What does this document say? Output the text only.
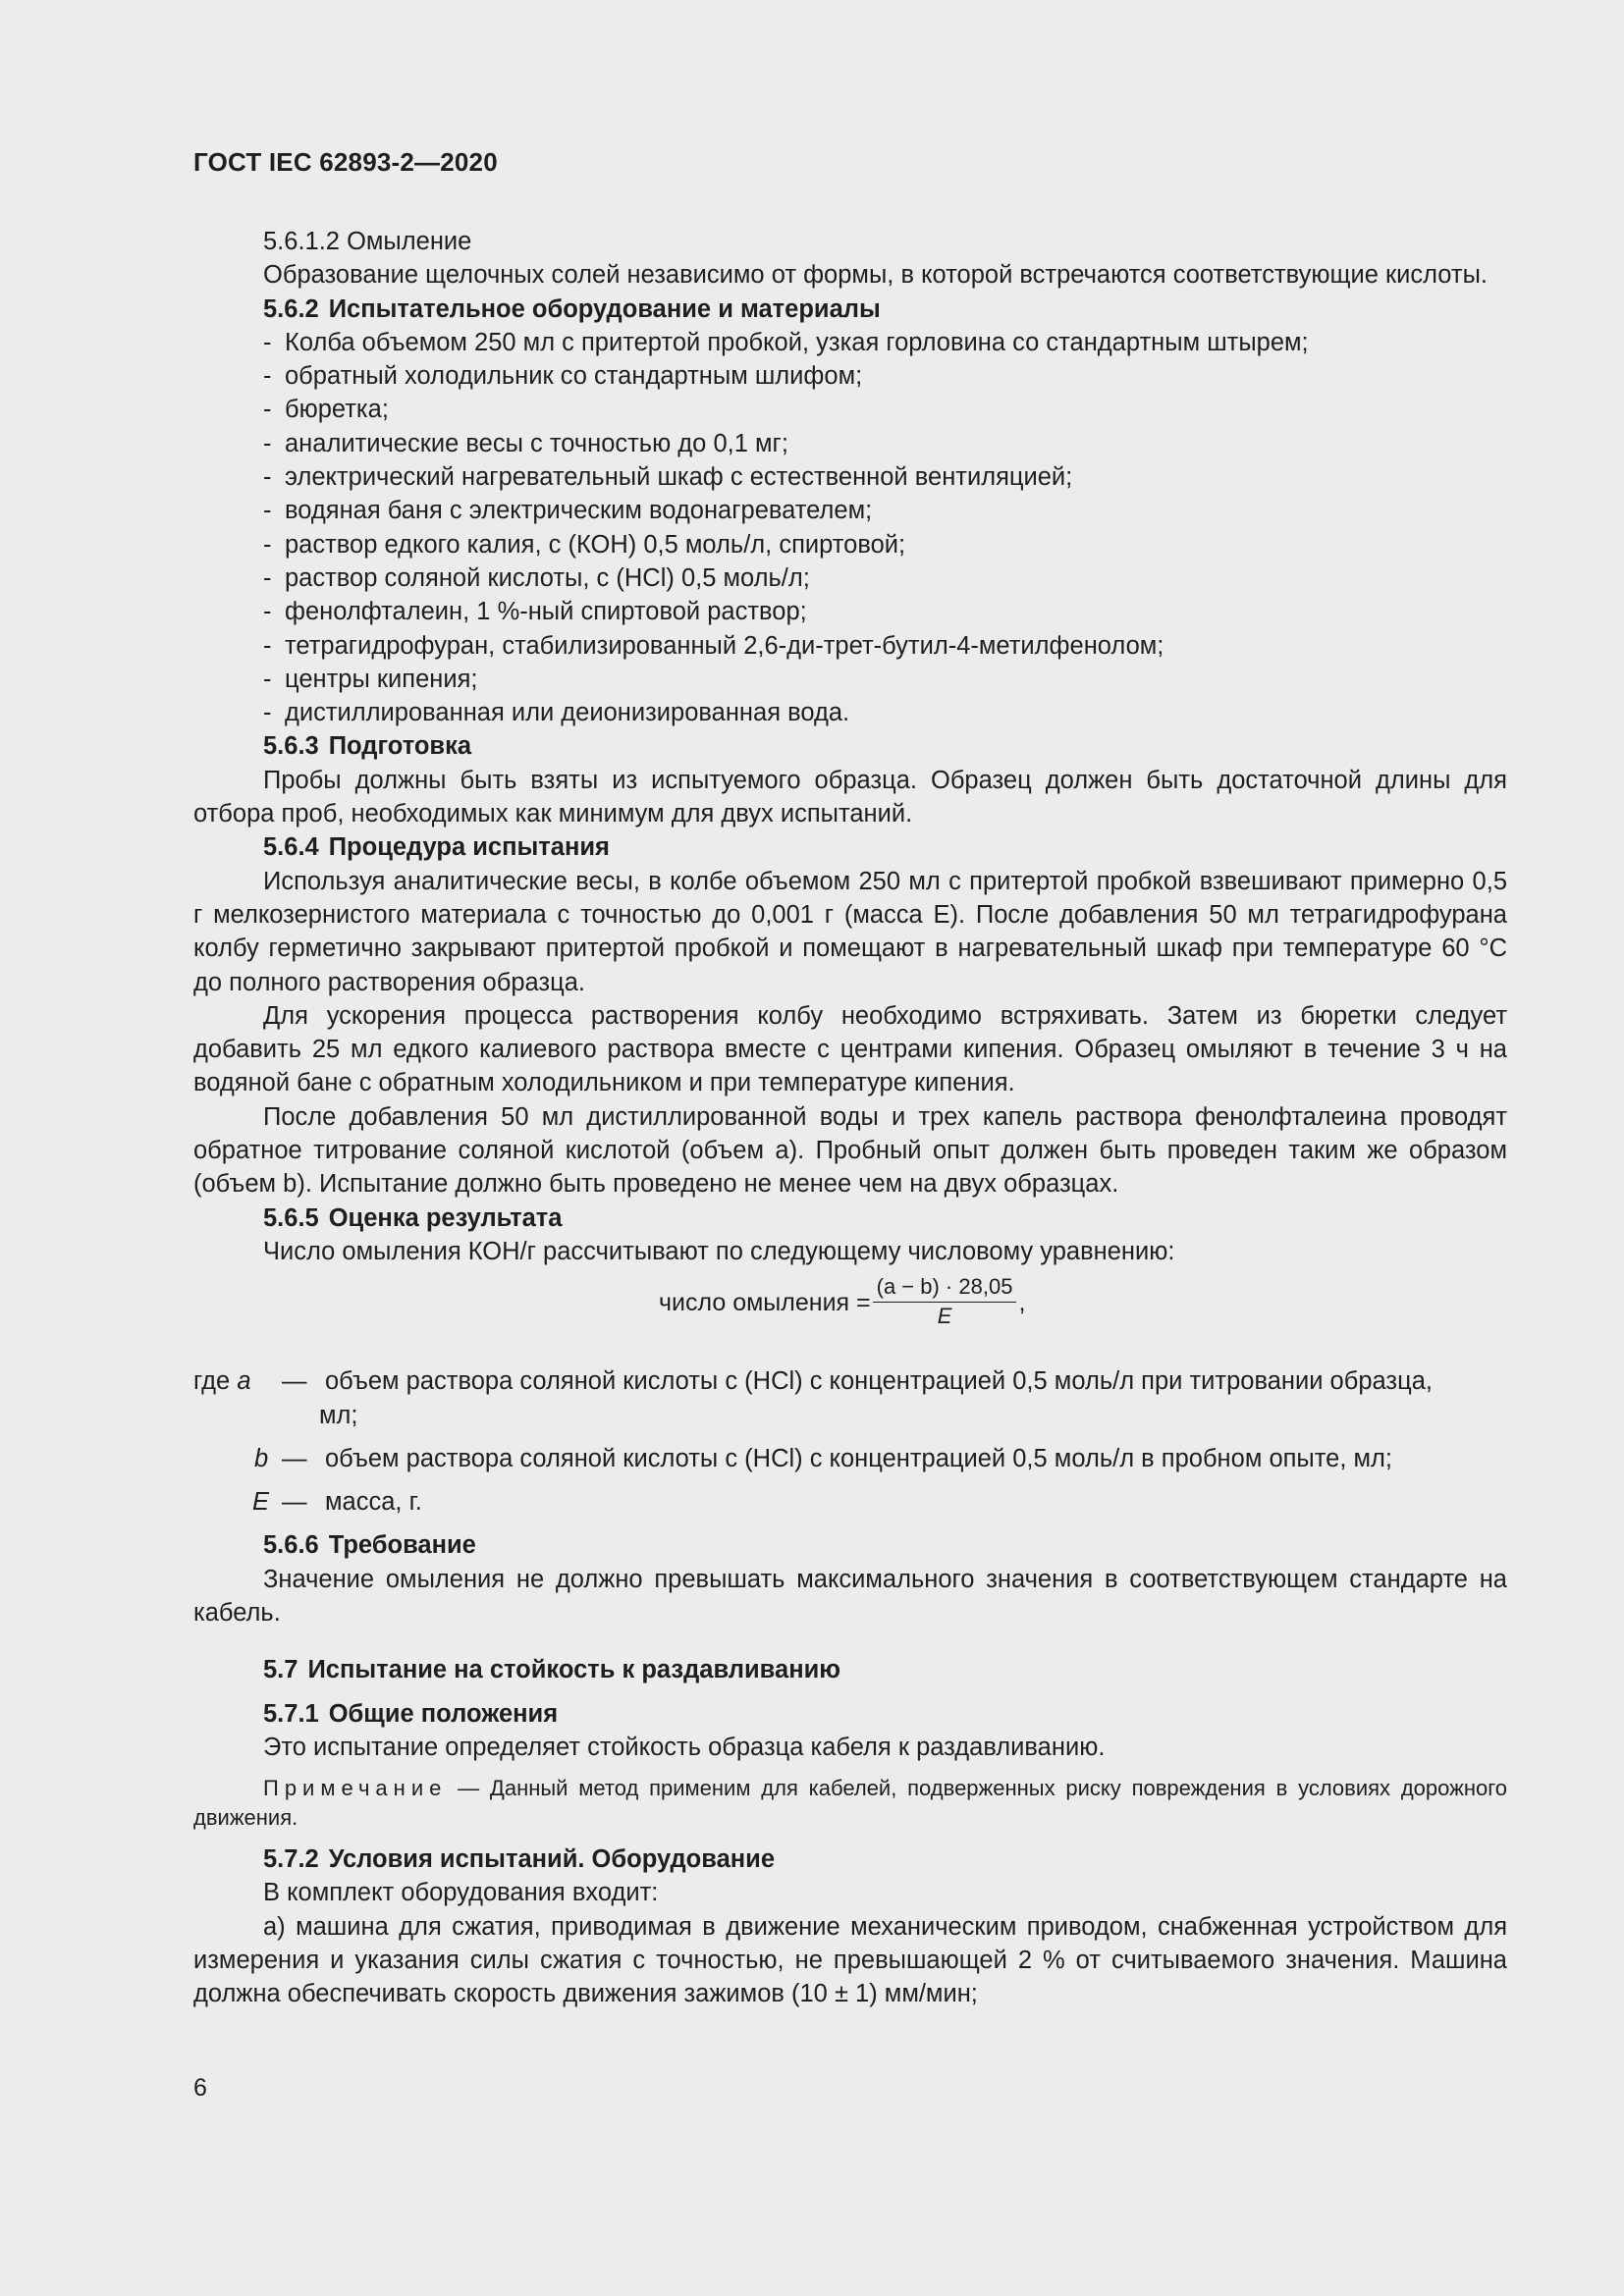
ГОСТ IEC 62893-2—2020

5.6.1.2 Омыление

Образование щелочных солей независимо от формы, в которой встречаются соответствующие кислоты.

5.6.2 Испытательное оборудование и материалы

- Колба объемом 250 мл с притертой пробкой, узкая горловина со стандартным штырем;
- обратный холодильник со стандартным шлифом;
- бюретка;
- аналитические весы с точностью до 0,1 мг;
- электрический нагревательный шкаф с естественной вентиляцией;
- водяная баня с электрическим водонагревателем;
- раствор едкого калия, c (КОН) 0,5 моль/л, спиртовой;
- раствор соляной кислоты, c (HCl) 0,5 моль/л;
- фенолфталеин, 1 %-ный спиртовой раствор;
- тетрагидрофуран, стабилизированный 2,6-ди-трет-бутил-4-метилфенолом;
- центры кипения;
- дистиллированная или деионизированная вода.

5.6.3 Подготовка

Пробы должны быть взяты из испытуемого образца. Образец должен быть достаточной длины для отбора проб, необходимых как минимум для двух испытаний.

5.6.4 Процедура испытания

Используя аналитические весы, в колбе объемом 250 мл с притертой пробкой взвешивают примерно 0,5 г мелкозернистого материала с точностью до 0,001 г (масса E). После добавления 50 мл тетрагидрофурана колбу герметично закрывают притертой пробкой и помещают в нагревательный шкаф при температуре 60 °C до полного растворения образца.

Для ускорения процесса растворения колбу необходимо встряхивать. Затем из бюретки следует добавить 25 мл едкого калиевого раствора вместе с центрами кипения. Образец омыляют в течение 3 ч на водяной бане с обратным холодильником и при температуре кипения.

После добавления 50 мл дистиллированной воды и трех капель раствора фенолфталеина проводят обратное титрование соляной кислотой (объем a). Пробный опыт должен быть проведен таким же образом (объем b). Испытание должно быть проведено не менее чем на двух образцах.

5.6.5 Оценка результата

Число омыления КОН/г рассчитывают по следующему числовому уравнению:

число омыления = $\frac{(a - b) \cdot 28,05}{E}$ ,
где a — объем раствора соляной кислоты c (HCl) с концентрацией 0,5 моль/л при титровании образца,
мл;
b — объем раствора соляной кислоты c (HCl) с концентрацией 0,5 моль/л в пробном опыте, мл;
E — масса, г.

5.6.6 Требование

Значение омыления не должно превышать максимального значения в соответствующем стандарте на кабель.

5.7 Испытание на стойкость к раздавливанию

5.7.1 Общие положения

Это испытание определяет стойкость образца кабеля к раздавливанию.

Примечание — Данный метод применим для кабелей, подверженных риску повреждения в условиях дорожного движения.

5.7.2 Условия испытаний. Оборудование

В комплект оборудования входит:

а) машина для сжатия, приводимая в движение механическим приводом, снабженная устройством для измерения и указания силы сжатия с точностью, не превышающей 2 % от считываемого значения. Машина должна обеспечивать скорость движения зажимов (10 ± 1) мм/мин;

6
